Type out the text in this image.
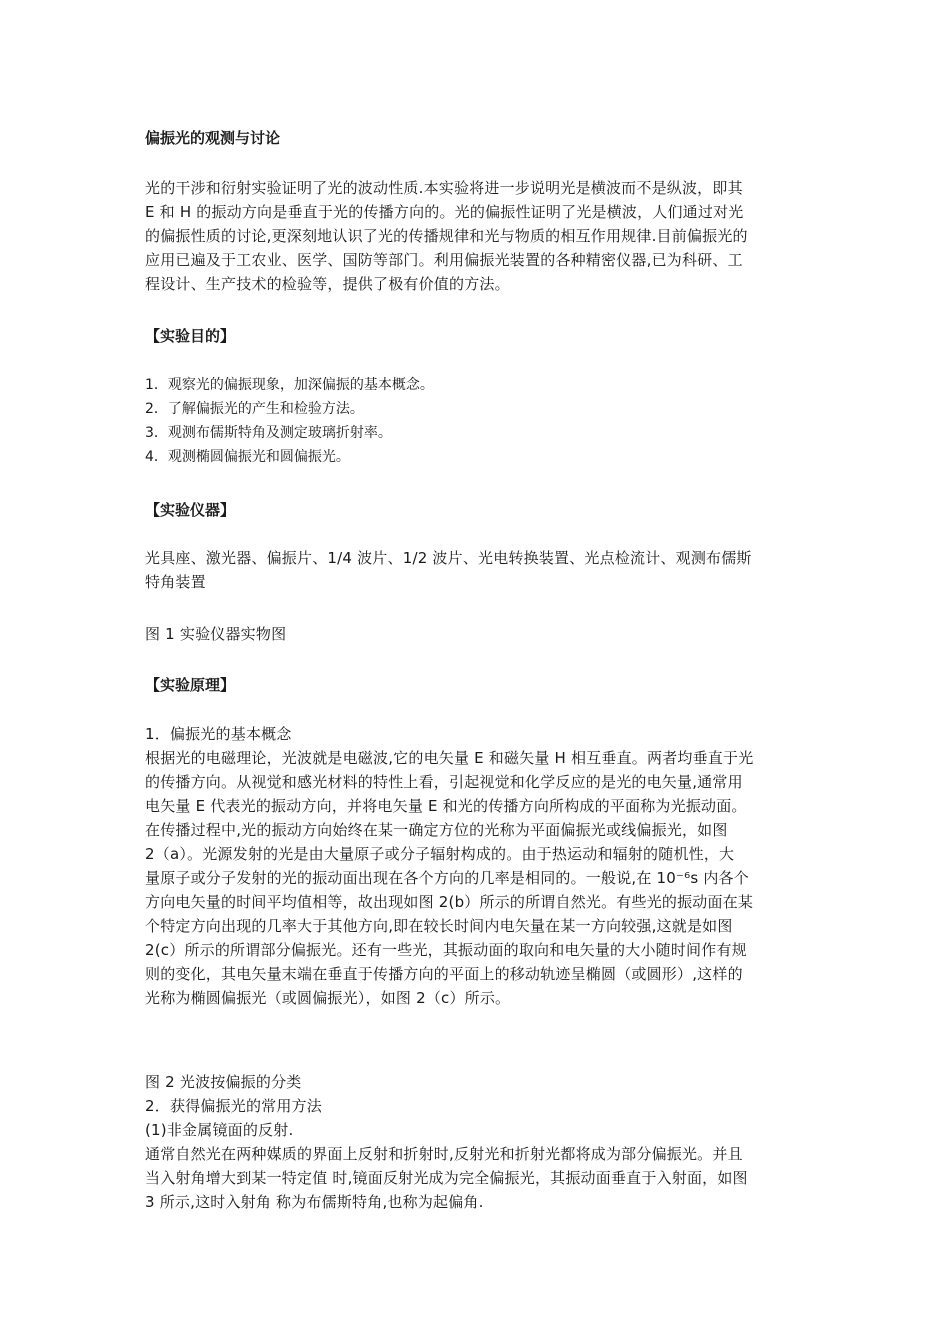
偏振光的观测与讨论
光的干涉和衍射实验证明了光的波动性质.本实验将进一步说明光是横波而不是纵波，即其
E 和 H 的振动方向是垂直于光的传播方向的。光的偏振性证明了光是横波，人们通过对光
的偏振性质的讨论,更深刻地认识了光的传播规律和光与物质的相互作用规律.目前偏振光的
应用已遍及于工农业、医学、国防等部门。利用偏振光装置的各种精密仪器,已为科研、工
程设计、生产技术的检验等，提供了极有价值的方法。
【实验目的】
1．观察光的偏振现象，加深偏振的基本概念。
2．了解偏振光的产生和检验方法。
3．观测布儒斯特角及测定玻璃折射率。
4．观测椭圆偏振光和圆偏振光。
【实验仪器】
光具座、激光器、偏振片、1/4 波片、1/2 波片、光电转换装置、光点检流计、观测布儒斯
特角装置
图 1 实验仪器实物图
【实验原理】
1．偏振光的基本概念
根据光的电磁理论，光波就是电磁波,它的电矢量 E 和磁矢量 H 相互垂直。两者均垂直于光
的传播方向。从视觉和感光材料的特性上看，引起视觉和化学反应的是光的电矢量,通常用
电矢量 E 代表光的振动方向，并将电矢量 E 和光的传播方向所构成的平面称为光振动面。
在传播过程中,光的振动方向始终在某一确定方位的光称为平面偏振光或线偏振光，如图
2（a）。光源发射的光是由大量原子或分子辐射构成的。由于热运动和辐射的随机性，大
量原子或分子发射的光的振动面出现在各个方向的几率是相同的。一般说,在 10⁻⁶s 内各个
方向电矢量的时间平均值相等，故出现如图 2(b）所示的所谓自然光。有些光的振动面在某
个特定方向出现的几率大于其他方向,即在较长时间内电矢量在某一方向较强,这就是如图
2(c）所示的所谓部分偏振光。还有一些光，其振动面的取向和电矢量的大小随时间作有规
则的变化，其电矢量末端在垂直于传播方向的平面上的移动轨迹呈椭圆（或圆形）,这样的
光称为椭圆偏振光（或圆偏振光），如图 2（c）所示。
图 2 光波按偏振的分类
2．获得偏振光的常用方法
(1)非金属镜面的反射.
通常自然光在两种媒质的界面上反射和折射时,反射光和折射光都将成为部分偏振光。并且
当入射角增大到某一特定值 时,镜面反射光成为完全偏振光，其振动面垂直于入射面，如图
3 所示,这时入射角 称为布儒斯特角,也称为起偏角.
